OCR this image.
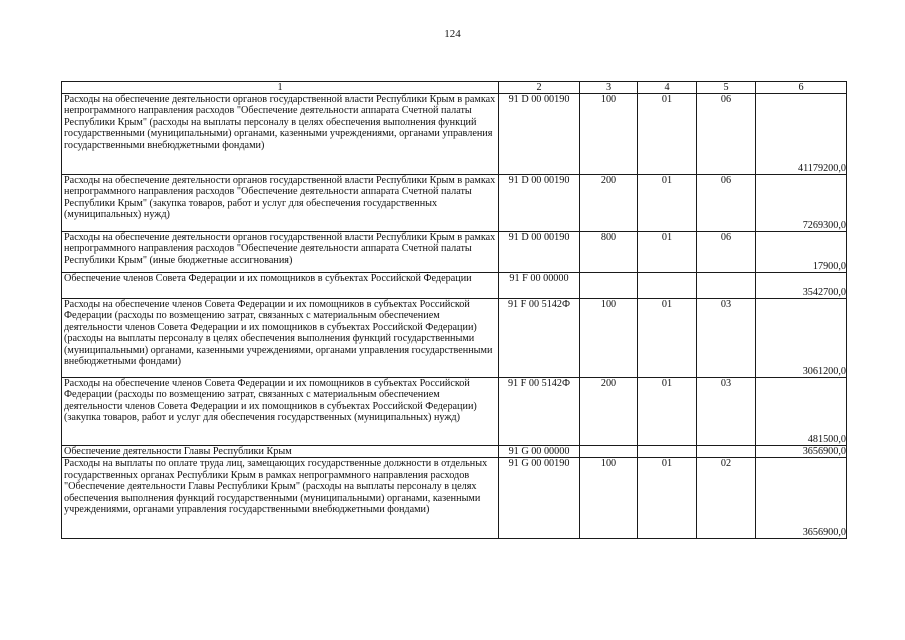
124
1	2	3	4	5	6
Расходы на обеспечение деятельности органов государственной власти Республики Крым в рамках непрограммного направления расходов "Обеспечение деятельности аппарата Счетной палаты Республики Крым" (расходы на выплаты персоналу в целях обеспечения выполнения функций государственными (муниципальными) органами, казенными учреждениями, органами управления государственными внебюджетными фондами)	91 D 00 00190	100	01	06	41179200,0
Расходы на обеспечение деятельности органов государственной власти Республики Крым в рамках непрограммного направления расходов "Обеспечение деятельности аппарата Счетной палаты Республики Крым" (закупка товаров, работ и услуг для обеспечения государственных (муниципальных) нужд)	91 D 00 00190	200	01	06	7269300,0
Расходы на обеспечение деятельности органов государственной власти Республики Крым в рамках непрограммного направления расходов "Обеспечение деятельности аппарата Счетной палаты Республики Крым" (иные бюджетные ассигнования)	91 D 00 00190	800	01	06	17900,0
Обеспечение членов Совета Федерации и их помощников в субъектах Российской Федерации	91 F 00 00000				3542700,0
Расходы на обеспечение членов Совета Федерации и их помощников в субъектах Российской Федерации (расходы по возмещению затрат, связанных с материальным обеспечением деятельности членов Совета Федерации и их помощников в субъектах Российской Федерации) (расходы на выплаты персоналу в целях обеспечения выполнения функций государственными (муниципальными) органами, казенными учреждениями, органами управления государственными внебюджетными фондами)	91 F 00 5142Ф	100	01	03	3061200,0
Расходы на обеспечение членов Совета Федерации и их помощников в субъектах Российской Федерации (расходы по возмещению затрат, связанных с материальным обеспечением деятельности членов Совета Федерации и их помощников в субъектах Российской Федерации) (закупка товаров, работ и услуг для обеспечения государственных (муниципальных) нужд)	91 F 00 5142Ф	200	01	03	481500,0
Обеспечение деятельности Главы Республики Крым	91 G 00 00000				3656900,0
Расходы на выплаты по оплате труда лиц, замещающих государственные должности в отдельных государственных органах Республики Крым в рамках непрограммного направления расходов "Обеспечение деятельности Главы Республики Крым" (расходы на выплаты персоналу в целях обеспечения выполнения функций государственными (муниципальными) органами, казенными учреждениями, органами управления государственными внебюджетными фондами)	91 G 00 00190	100	01	02	3656900,0
